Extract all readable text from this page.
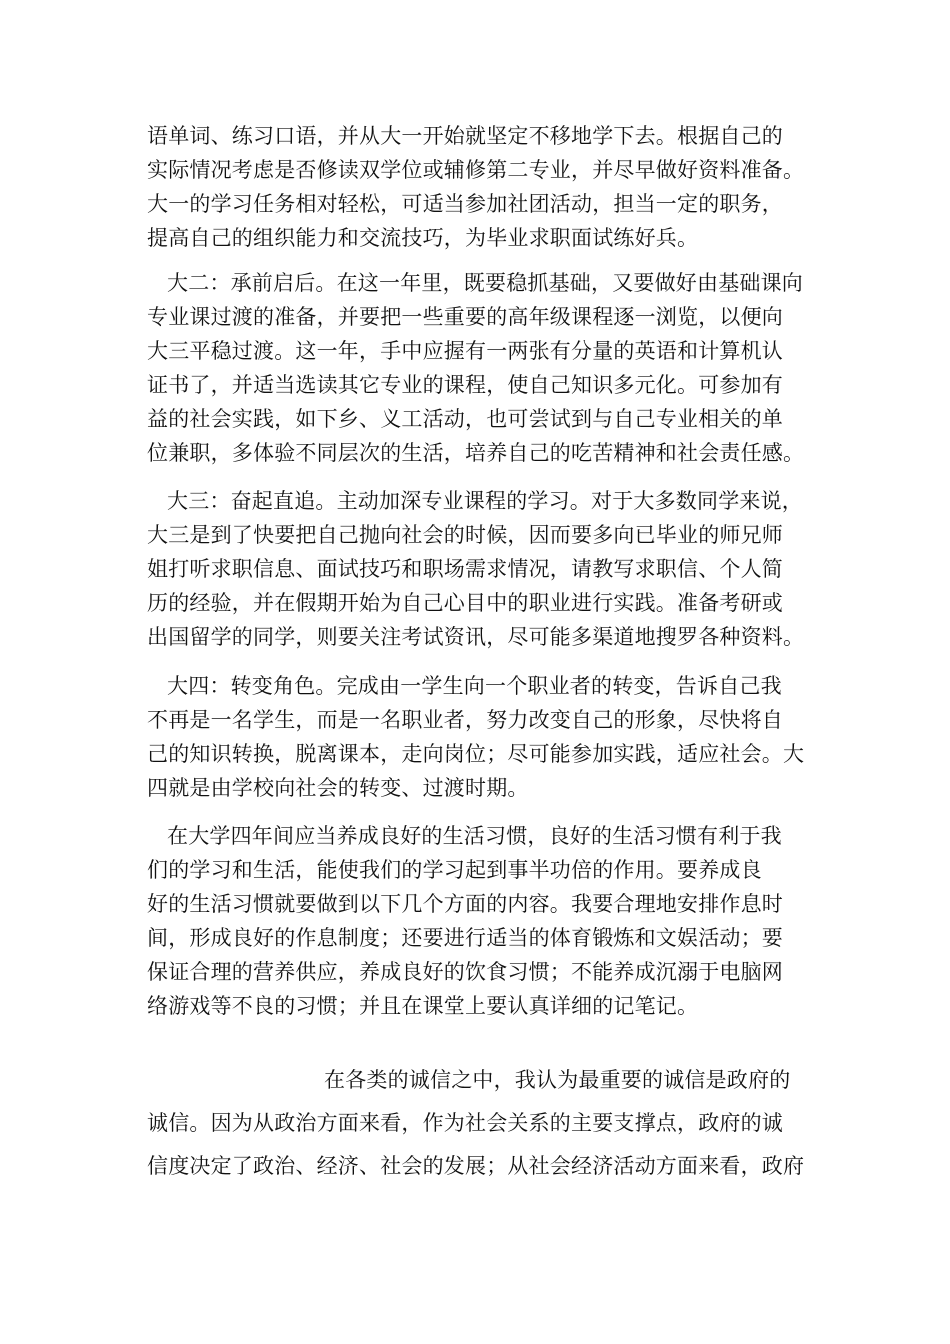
语单词、练习口语，并从大一开始就坚定不移地学下去。根据自己的
实际情况考虑是否修读双学位或辅修第二专业，并尽早做好资料准备。
大一的学习任务相对轻松，可适当参加社团活动，担当一定的职务，
提高自己的组织能力和交流技巧，为毕业求职面试练好兵。
大二：承前启后。在这一年里，既要稳抓基础，又要做好由基础课向
专业课过渡的准备，并要把一些重要的高年级课程逐一浏览，以便向
大三平稳过渡。这一年，手中应握有一两张有分量的英语和计算机认
证书了，并适当选读其它专业的课程，使自己知识多元化。可参加有
益的社会实践，如下乡、义工活动，也可尝试到与自己专业相关的单
位兼职，多体验不同层次的生活，培养自己的吃苦精神和社会责任感。
大三：奋起直追。主动加深专业课程的学习。对于大多数同学来说，
大三是到了快要把自己抛向社会的时候，因而要多向已毕业的师兄师
姐打听求职信息、面试技巧和职场需求情况，请教写求职信、个人简
历的经验，并在假期开始为自己心目中的职业进行实践。准备考研或
出国留学的同学，则要关注考试资讯，尽可能多渠道地搜罗各种资料。
大四：转变角色。完成由一学生向一个职业者的转变，告诉自己我
不再是一名学生，而是一名职业者，努力改变自己的形象，尽快将自
己的知识转换，脱离课本，走向岗位；尽可能参加实践，适应社会。大
四就是由学校向社会的转变、过渡时期。
在大学四年间应当养成良好的生活习惯，良好的生活习惯有利于我
们的学习和生活，能使我们的学习起到事半功倍的作用。要养成良
好的生活习惯就要做到以下几个方面的内容。我要合理地安排作息时
间，形成良好的作息制度；还要进行适当的体育锻炼和文娱活动；要
保证合理的营养供应，养成良好的饮食习惯；不能养成沉溺于电脑网
络游戏等不良的习惯；并且在课堂上要认真详细的记笔记。
在各类的诚信之中，我认为最重要的诚信是政府的
诚信。因为从政治方面来看，作为社会关系的主要支撑点，政府的诚
信度决定了政治、经济、社会的发展；从社会经济活动方面来看，政府
